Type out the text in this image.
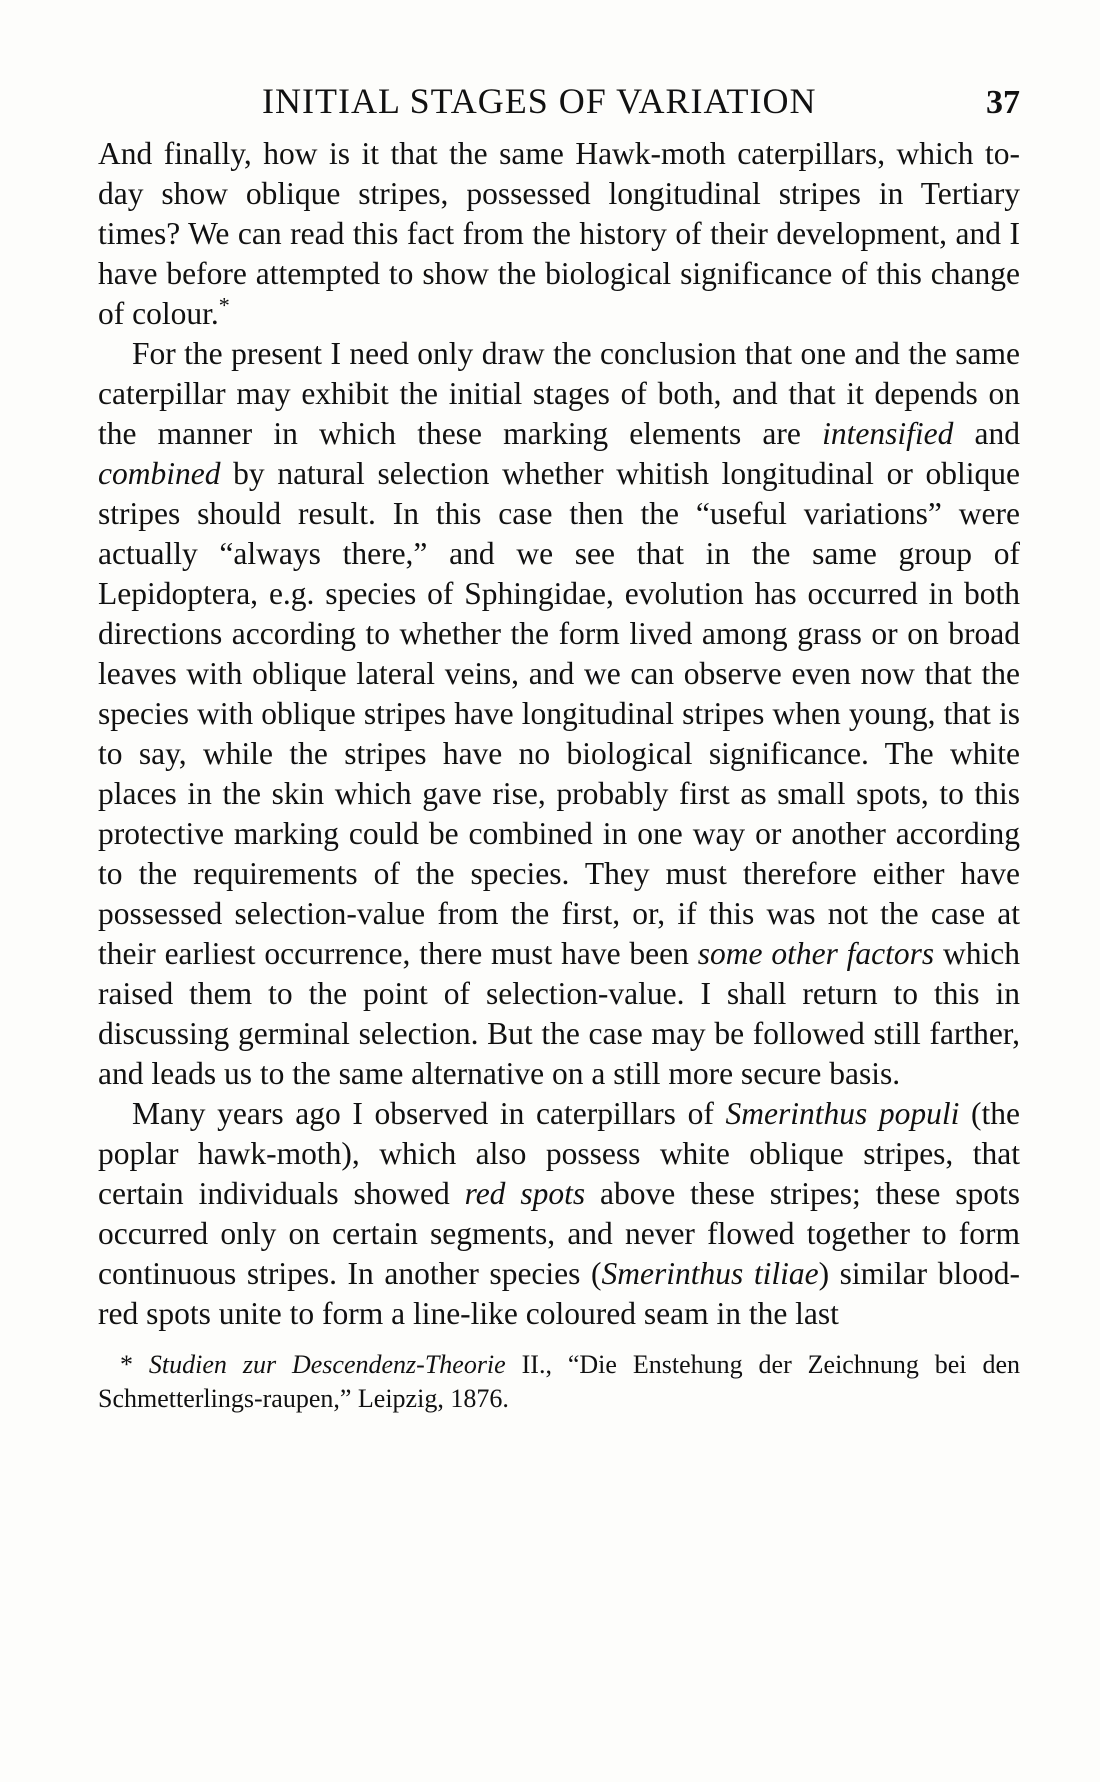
INITIAL STAGES OF VARIATION	37

And finally, how is it that the same Hawk-moth caterpillars, which to-day show oblique stripes, possessed longitudinal stripes in Tertiary times? We can read this fact from the history of their development, and I have before attempted to show the biological significance of this change of colour.*

For the present I need only draw the conclusion that one and the same caterpillar may exhibit the initial stages of both, and that it depends on the manner in which these marking elements are intensified and combined by natural selection whether whitish longitudinal or oblique stripes should result. In this case then the “useful variations” were actually “always there,” and we see that in the same group of Lepidoptera, e.g. species of Sphingidae, evolution has occurred in both directions according to whether the form lived among grass or on broad leaves with oblique lateral veins, and we can observe even now that the species with oblique stripes have longitudinal stripes when young, that is to say, while the stripes have no biological significance. The white places in the skin which gave rise, probably first as small spots, to this protective marking could be combined in one way or another according to the requirements of the species. They must therefore either have possessed selection-value from the first, or, if this was not the case at their earliest occurrence, there must have been some other factors which raised them to the point of selection-value. I shall return to this in discussing germinal selection. But the case may be followed still farther, and leads us to the same alternative on a still more secure basis.

Many years ago I observed in caterpillars of Smerinthus populi (the poplar hawk-moth), which also possess white oblique stripes, that certain individuals showed red spots above these stripes; these spots occurred only on certain segments, and never flowed together to form continuous stripes. In another species (Smerinthus tiliae) similar blood-red spots unite to form a line-like coloured seam in the last

* Studien zur Descendenz-Theorie II., “Die Enstehung der Zeichnung bei den Schmetterlings-raupen,” Leipzig, 1876.
